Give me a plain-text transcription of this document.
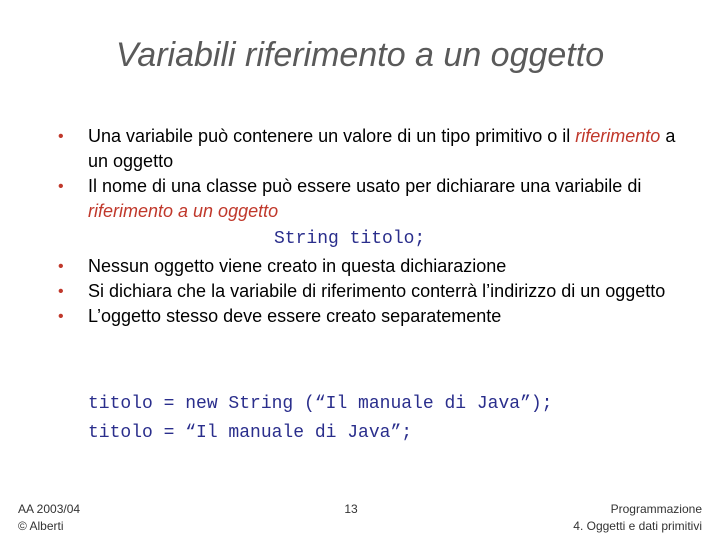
Variabili riferimento a un oggetto
• Una variabile può contenere un valore di un tipo primitivo o il riferimento a un oggetto
• Il nome di una classe può essere usato per dichiarare una variabile di riferimento a un oggetto
String titolo;
• Nessun oggetto viene creato in questa dichiarazione
• Si dichiara che la variabile di riferimento conterrà l’indirizzo di un oggetto
• L’oggetto stesso deve essere creato separatemente
titolo = new String (“Il manuale di Java”);
titolo = “Il manuale di Java”;
AA 2003/04
© Alberti
13	Programmazione
4. Oggetti e dati primitivi
